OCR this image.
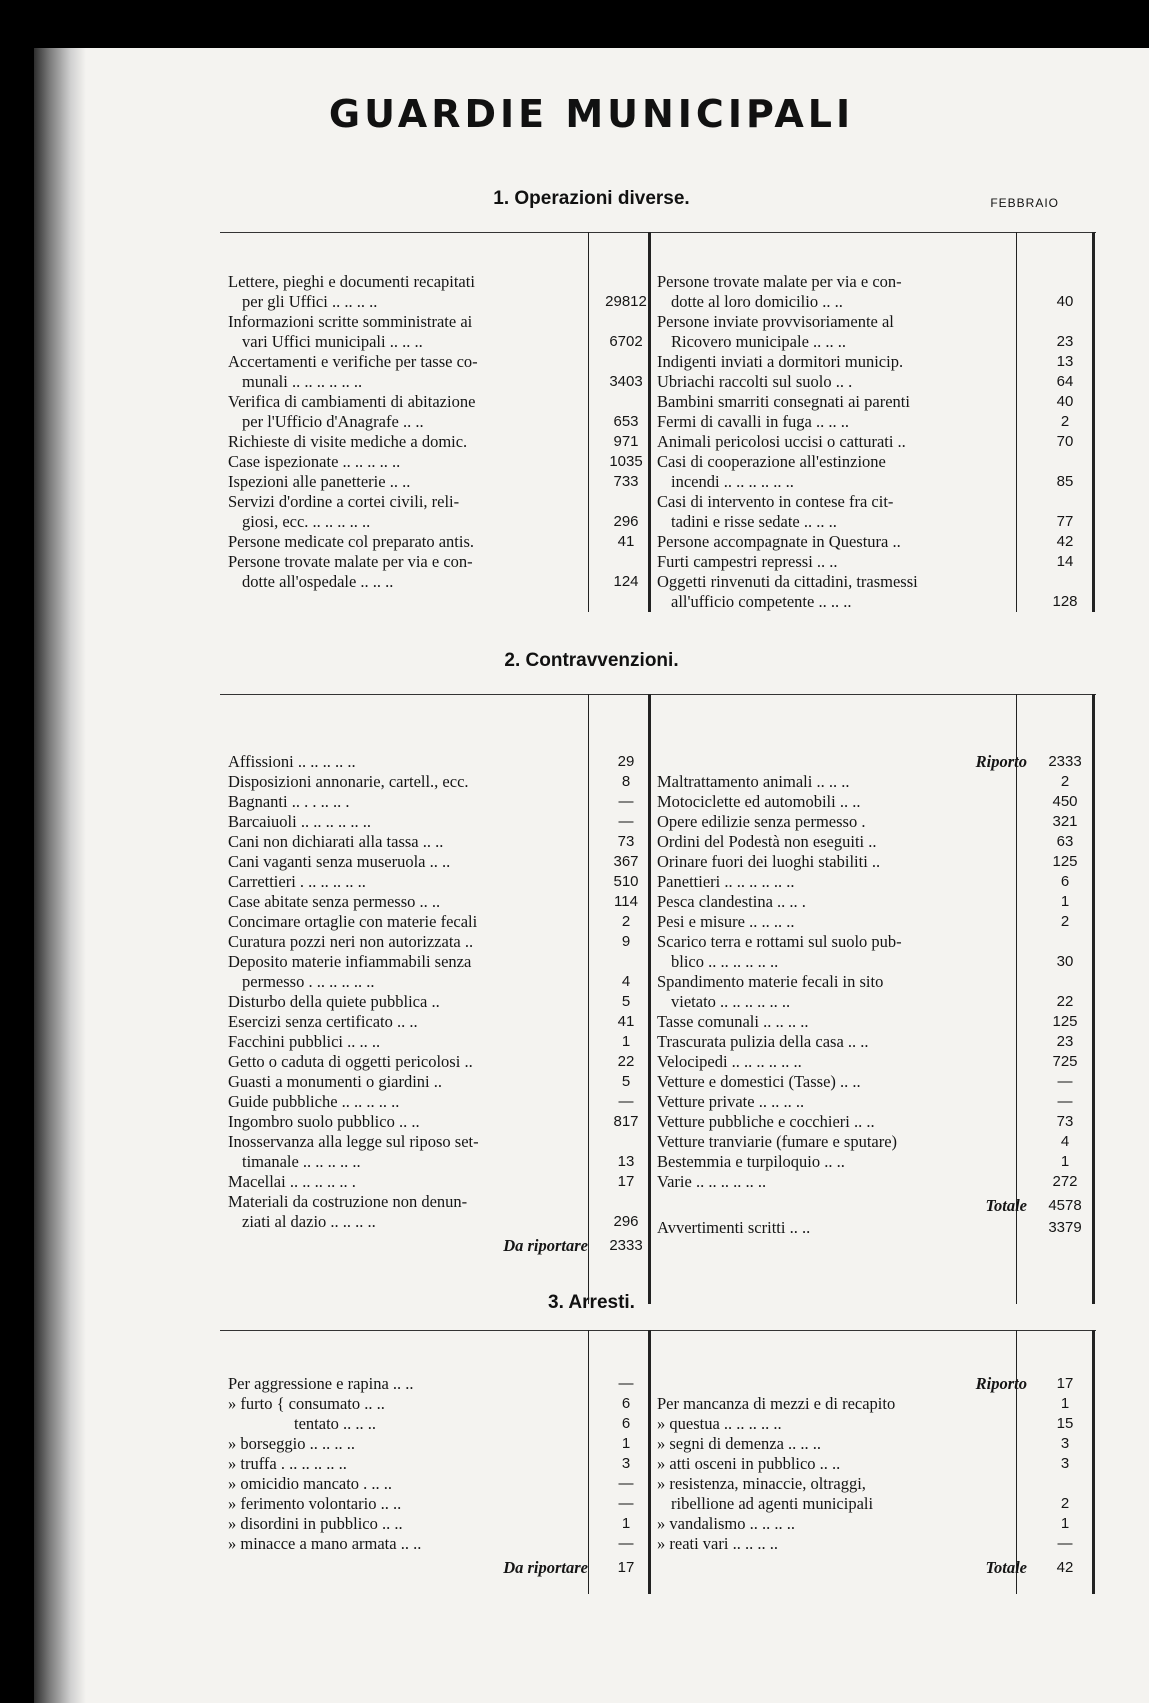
GUARDIE MUNICIPALI
FEBBRAIO
1. Operazioni diverse.
2. Contravvenzioni.
3. Arresti.
Lettere, pieghi e documenti recapitati
per gli Uffici .. .. .. ..	29812
Informazioni scritte somministrate ai
vari Uffici municipali .. .. ..	6702
Accertamenti e verifiche per tasse co-
munali .. .. .. .. .. ..	3403
Verifica di cambiamenti di abitazione
per l'Ufficio d'Anagrafe .. ..	653
Richieste di visite mediche a domic.	971
Case ispezionate .. .. .. .. ..	1035
Ispezioni alle panetterie .. ..	733
Servizi d'ordine a cortei civili, reli-
giosi, ecc. .. .. .. .. ..	296
Persone medicate col preparato antis.	41
Persone trovate malate per via e con-
dotte all'ospedale .. .. ..	124
Persone trovate malate per via e con-
dotte al loro domicilio .. ..	40
Persone inviate provvisoriamente al
Ricovero municipale .. .. ..	23
Indigenti inviati a dormitori municip.	13
Ubriachi raccolti sul suolo .. .	64
Bambini smarriti consegnati ai parenti	40
Fermi di cavalli in fuga .. .. ..	2
Animali pericolosi uccisi o catturati ..	70
Casi di cooperazione all'estinzione
incendi .. .. .. .. .. ..	85
Casi di intervento in contese fra cit-
tadini e risse sedate .. .. ..	77
Persone accompagnate in Questura ..	42
Furti campestri repressi .. ..	14
Oggetti rinvenuti da cittadini, trasmessi
all'ufficio competente .. .. ..	128
Affissioni .. .. .. .. ..	29
Disposizioni annonarie, cartell., ecc.	8
Bagnanti .. . . .. .. .	—
Barcaiuoli .. .. .. .. .. ..	—
Cani non dichiarati alla tassa .. ..	73
Cani vaganti senza museruola .. ..	367
Carrettieri . .. .. .. .. ..	510
Case abitate senza permesso .. ..	114
Concimare ortaglie con materie fecali	2
Curatura pozzi neri non autorizzata ..	9
Deposito materie infiammabili senza
permesso . .. .. .. .. ..	4
Disturbo della quiete pubblica ..	5
Esercizi senza certificato .. ..	41
Facchini pubblici .. .. ..	1
Getto o caduta di oggetti pericolosi ..	22
Guasti a monumenti o giardini ..	5
Guide pubbliche .. .. .. .. ..	—
Ingombro suolo pubblico .. ..	817
Inosservanza alla legge sul riposo set-
timanale .. .. .. .. ..	13
Macellai .. .. .. .. .. .	17
Materiali da costruzione non denun-
ziati al dazio .. .. .. ..	296
Da riportare	2333
Riporto	2333
Maltrattamento animali .. .. ..	2
Motociclette ed automobili .. ..	450
Opere edilizie senza permesso .	321
Ordini del Podestà non eseguiti ..	63
Orinare fuori dei luoghi stabiliti ..	125
Panettieri .. .. .. .. .. ..	6
Pesca clandestina .. .. .	1
Pesi e misure .. .. .. ..	2
Scarico terra e rottami sul suolo pub-
blico .. .. .. .. .. ..	30
Spandimento materie fecali in sito
vietato .. .. .. .. .. ..	22
Tasse comunali .. .. .. ..	125
Trascurata pulizia della casa .. ..	23
Velocipedi .. .. .. .. .. ..	725
Vetture e domestici (Tasse) .. ..	—
Vetture private .. .. .. ..	—
Vetture pubbliche e cocchieri .. ..	73
Vetture tranviarie (fumare e sputare)	4
Bestemmia e turpiloquio .. ..	1
Varie .. .. .. .. .. ..	272
Totale	4578
Avvertimenti scritti .. ..	3379
Per aggressione e rapina .. ..	—
» furto { consumato .. ..	6
tentato .. .. ..	6
» borseggio .. .. .. ..	1
» truffa . .. .. .. .. ..	3
» omicidio mancato . .. ..	—
» ferimento volontario .. ..	—
» disordini in pubblico .. ..	1
» minacce a mano armata .. ..	—
Da riportare	17
Riporto	17
Per mancanza di mezzi e di recapito	1
» questua .. .. .. .. ..	15
» segni di demenza .. .. ..	3
» atti osceni in pubblico .. ..	3
» resistenza, minaccie, oltraggi,
ribellione ad agenti municipali	2
» vandalismo .. .. .. ..	1
» reati vari .. .. .. ..	—
Totale	42
